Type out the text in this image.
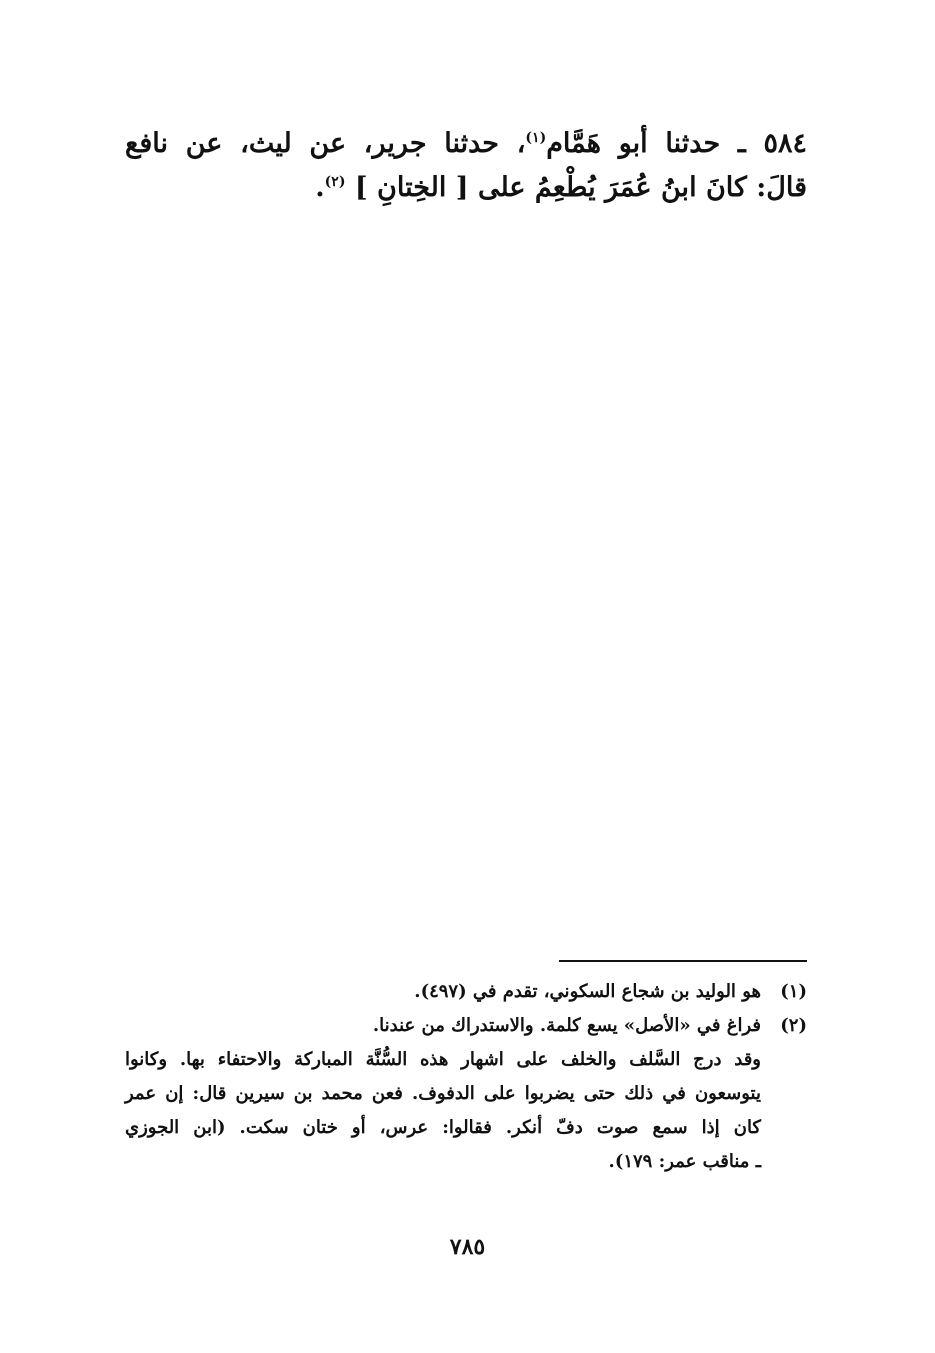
٥٨٤ ـ حدثنا أبو هَمَّام$^{(١)}$، حدثنا جرير، عن ليث، عن نافع
قالَ: كانَ ابنُ عُمَرَ يُطْعِمُ على [ الخِتانِ ] $^{(٢)}$.
(١)
هو الوليد بن شجاع السكوني، تقدم في (٤٩٧).
(٢)
فراغ في «الأصل» يسع كلمة. والاستدراك من عندنا.
وقد درج السَّلف والخلف على اشهار هذه السُّنَّة المباركة والاحتفاء بها. وكانوا
يتوسعون في ذلك حتى يضربوا على الدفوف. فعن محمد بن سيرين قال: إن عمر
كان إذا سمع صوت دفّ أنكر. فقالوا: عرس، أو ختان سكت. (ابن الجوزي
ـ مناقب عمر: ١٧٩).
٧٨٥
